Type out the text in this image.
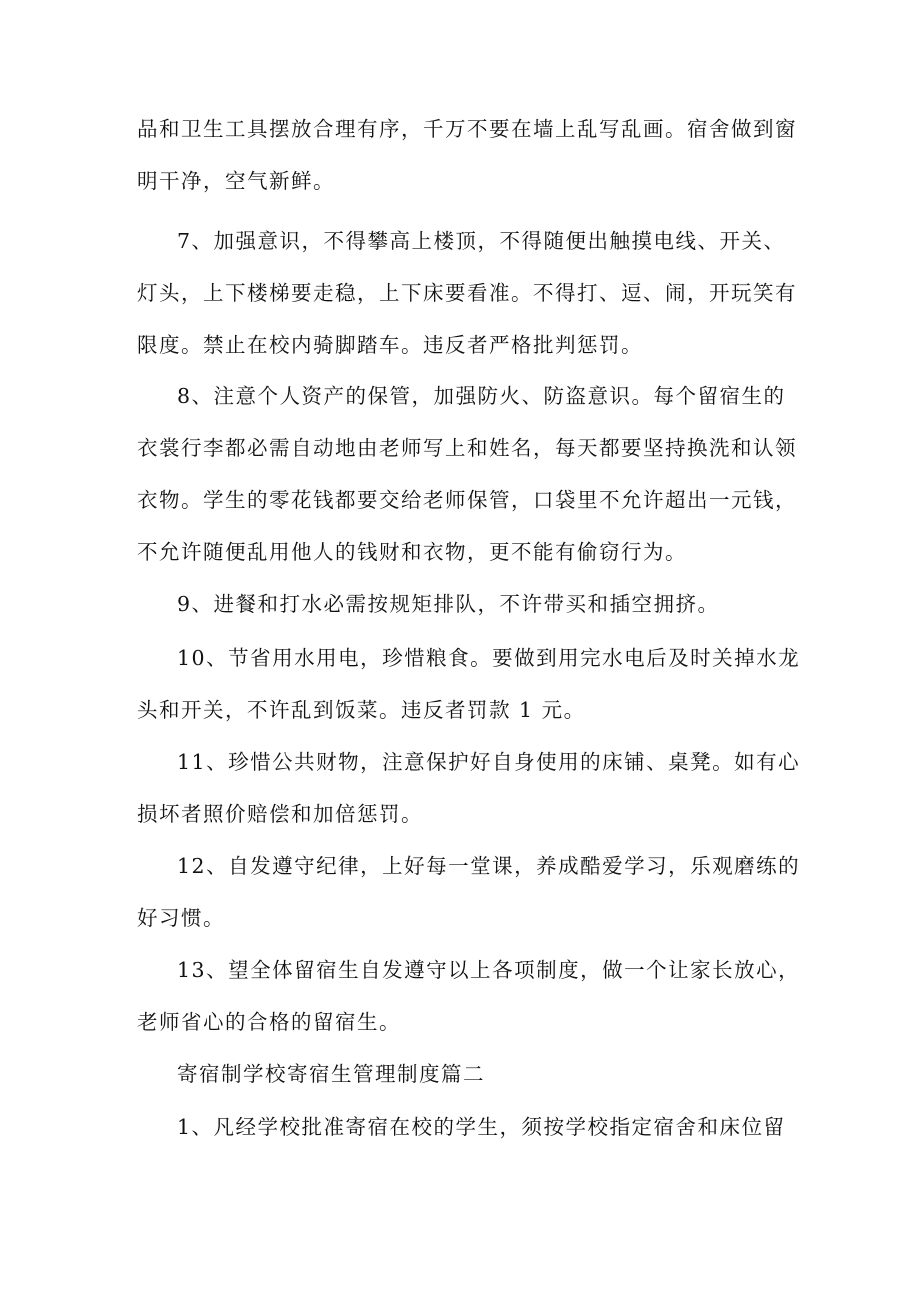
品和卫生工具摆放合理有序，千万不要在墙上乱写乱画。宿舍做到窗
明干净，空气新鲜。
7、加强意识，不得攀高上楼顶，不得随便出触摸电线、开关、
灯头，上下楼梯要走稳，上下床要看准。不得打、逗、闹，开玩笑有
限度。禁止在校内骑脚踏车。违反者严格批判惩罚。
8、注意个人资产的保管，加强防火、防盗意识。每个留宿生的
衣裳行李都必需自动地由老师写上和姓名，每天都要坚持换洗和认领
衣物。学生的零花钱都要交给老师保管，口袋里不允许超出一元钱，
不允许随便乱用他人的钱财和衣物，更不能有偷窃行为。
9、进餐和打水必需按规矩排队，不许带买和插空拥挤。
10、节省用水用电，珍惜粮食。要做到用完水电后及时关掉水龙
头和开关，不许乱到饭菜。违反者罚款 1 元。
11、珍惜公共财物，注意保护好自身使用的床铺、桌凳。如有心
损坏者照价赔偿和加倍惩罚。
12、自发遵守纪律，上好每一堂课，养成酷爱学习，乐观磨练的
好习惯。
13、望全体留宿生自发遵守以上各项制度，做一个让家长放心，
老师省心的合格的留宿生。
寄宿制学校寄宿生管理制度篇二
1、凡经学校批准寄宿在校的学生，须按学校指定宿舍和床位留
